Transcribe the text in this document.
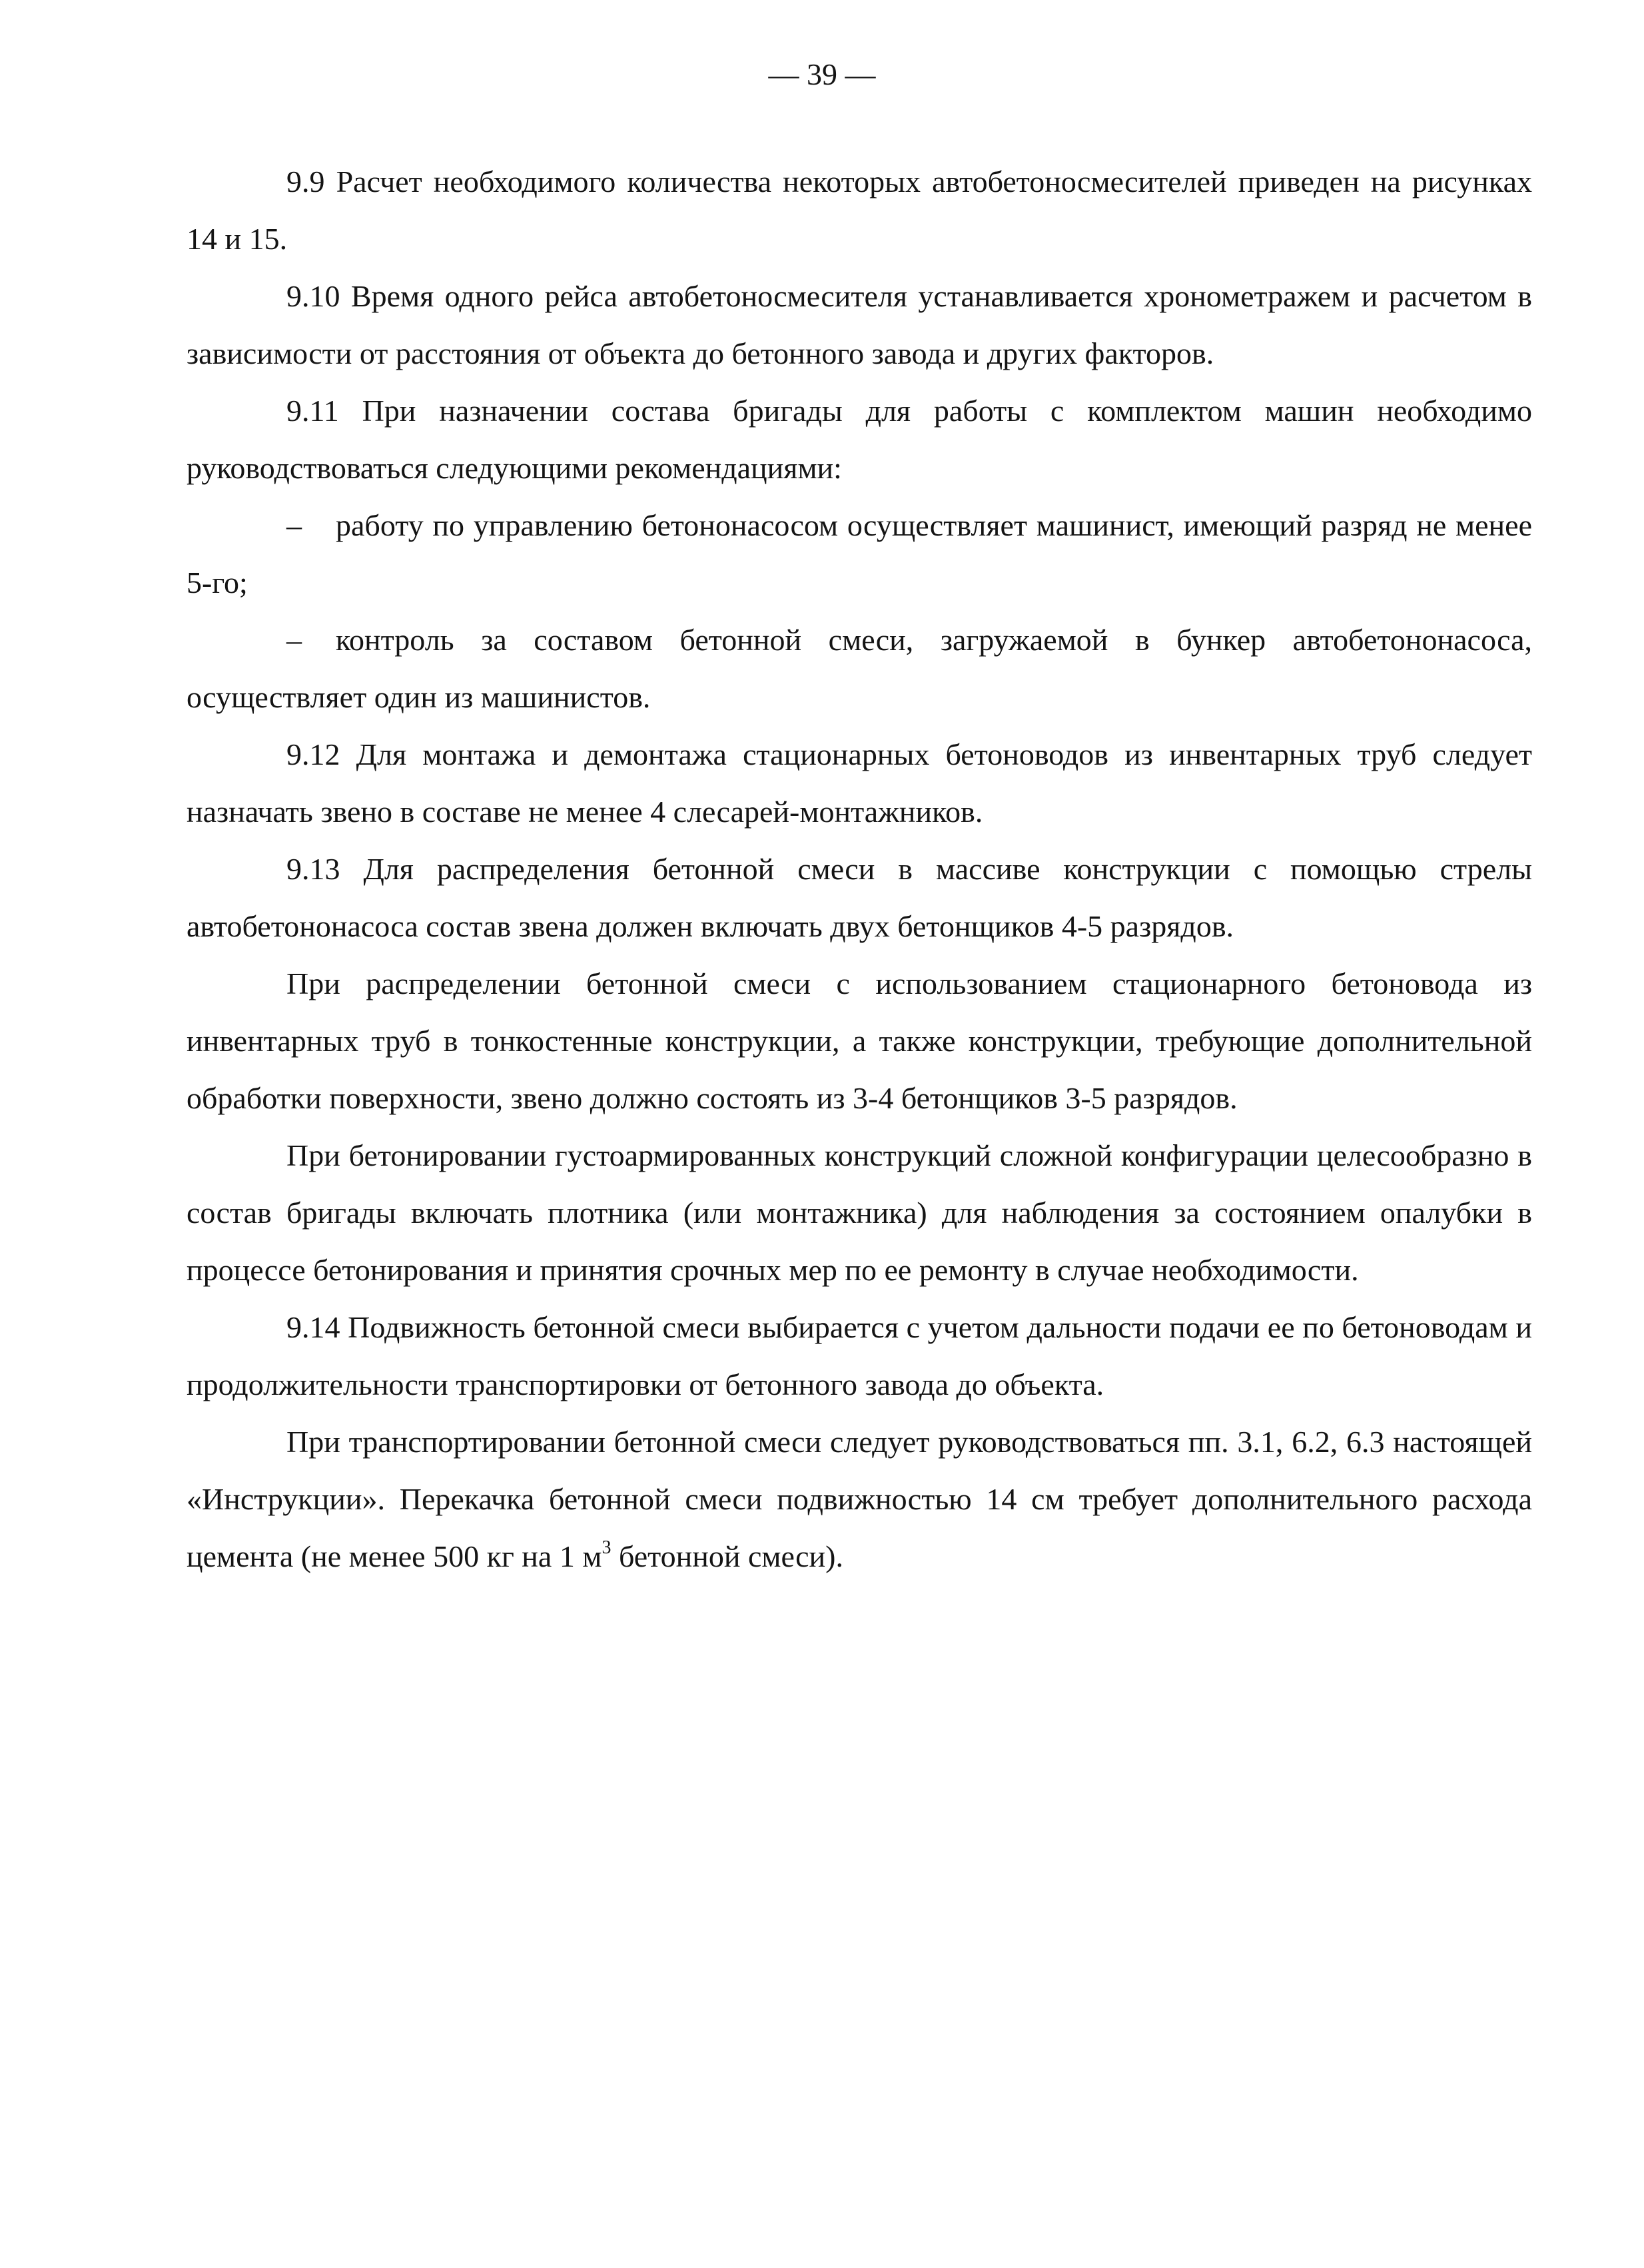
— 39 —

9.9 Расчет необходимого количества некоторых автобетоносмесителей приведен на рисунках 14 и 15.

9.10 Время одного рейса автобетоносмесителя устанавливается хронометражем и расчетом в зависимости от расстояния от объекта до бетонного завода и других факторов.

9.11 При назначении состава бригады для работы с комплектом машин необходимо руководствоваться следующими рекомендациями:

– работу по управлению бетононасосом осуществляет машинист, имеющий разряд не менее 5-го;

– контроль за составом бетонной смеси, загружаемой в бункер автобетононасоса, осуществляет один из машинистов.

9.12 Для монтажа и демонтажа стационарных бетоноводов из инвентарных труб следует назначать звено в составе не менее 4 слесарей-монтажников.

9.13 Для распределения бетонной смеси в массиве конструкции с помощью стрелы автобетононасоса состав звена должен включать двух бетонщиков 4-5 разрядов.

При распределении бетонной смеси с использованием стационарного бетоновода из инвентарных труб в тонкостенные конструкции, а также конструкции, требующие дополнительной обработки поверхности, звено должно состоять из 3-4 бетонщиков 3-5 разрядов.

При бетонировании густоармированных конструкций сложной конфигурации целесообразно в состав бригады включать плотника (или монтажника) для наблюдения за состоянием опалубки в процессе бетонирования и принятия срочных мер по ее ремонту в случае необходимости.

9.14 Подвижность бетонной смеси выбирается с учетом дальности подачи ее по бетоноводам и продолжительности транспортировки от бетонного завода до объекта.

При транспортировании бетонной смеси следует руководствоваться пп. 3.1, 6.2, 6.3 настоящей «Инструкции». Перекачка бетонной смеси подвижностью 14 см требует дополнительного расхода цемента (не менее 500 кг на 1 $м^3$ бетонной смеси).
